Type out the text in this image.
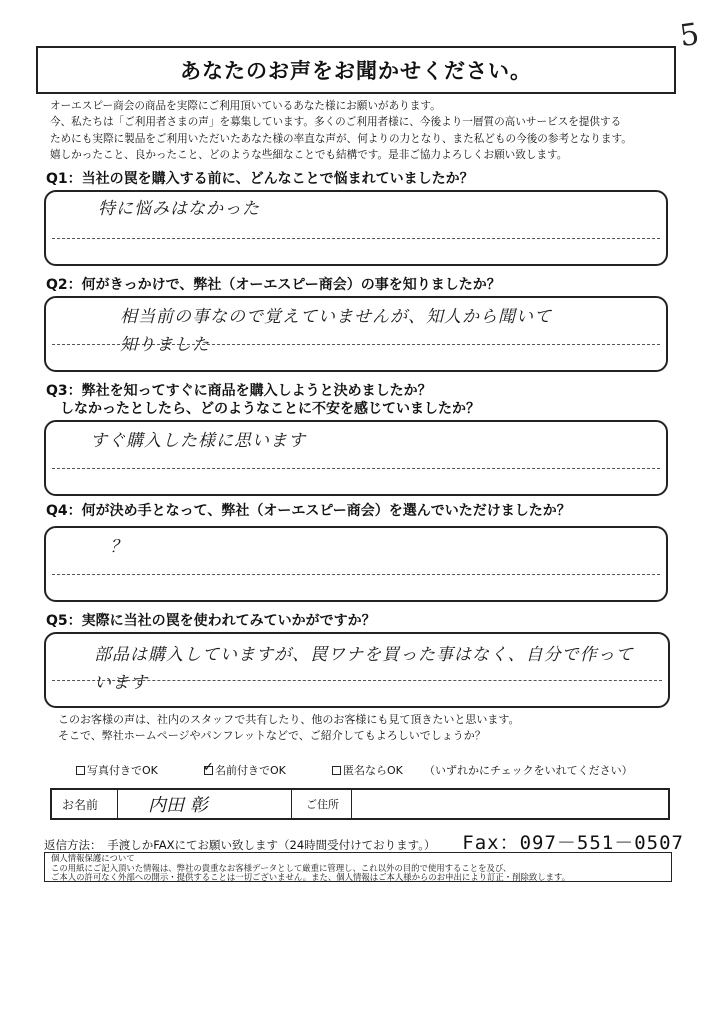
5
あなたのお声をお聞かせください。
オーエスピー商会の商品を実際にご利用頂いているあなた様にお願いがあります。
今、私たちは「ご利用者さまの声」を募集しています。多くのご利用者様に、今後より一層質の高いサービスを提供する
ためにも実際に製品をご利用いただいたあなた様の率直な声が、何よりの力となり、また私どもの今後の参考となります。
嬉しかったこと、良かったこと、どのような些細なことでも結構です。是非ご協力よろしくお願い致します。
Q1：当社の罠を購入する前に、どんなことで悩まれていましたか？
特に悩みはなかった
Q2：何がきっかけで、弊社（オーエスピー商会）の事を知りましたか？
相当前の事なので覚えていませんが、知人から聞いて
知りました
Q3：弊社を知ってすぐに商品を購入しようと決めましたか？
　しなかったとしたら、どのようなことに不安を感じていましたか？
すぐ購入した様に思います
Q4：何が決め手となって、弊社（オーエスピー商会）を選んでいただけましたか？
？
Q5：実際に当社の罠を使われてみていかがですか？
部品は購入していますが、罠ワナを買った事はなく、自分で作って
います
このお客様の声は、社内のスタッフで共有したり、他のお客様にも見て頂きたいと思います。
そこで、弊社ホームページやパンフレットなどで、ご紹介してもよろしいでしょうか？
写真付きでOK
✓	名前付きでOK	匿名ならOK （いずれかにチェックをいれてください）
お名前	内田 彰	ご住所
返信方法：　手渡しかFAXにてお願い致します（24時間受付けております。） Fax：097－551－0507
個人情報保護について
この用紙にご記入頂いた情報は、弊社の貴重なお客様データとして厳重に管理し、これ以外の目的で使用することを及び、
ご本人の許可なく外部への開示・提供することは一切ございません。また、個人情報はご本人様からのお申出により訂正・削除致します。
